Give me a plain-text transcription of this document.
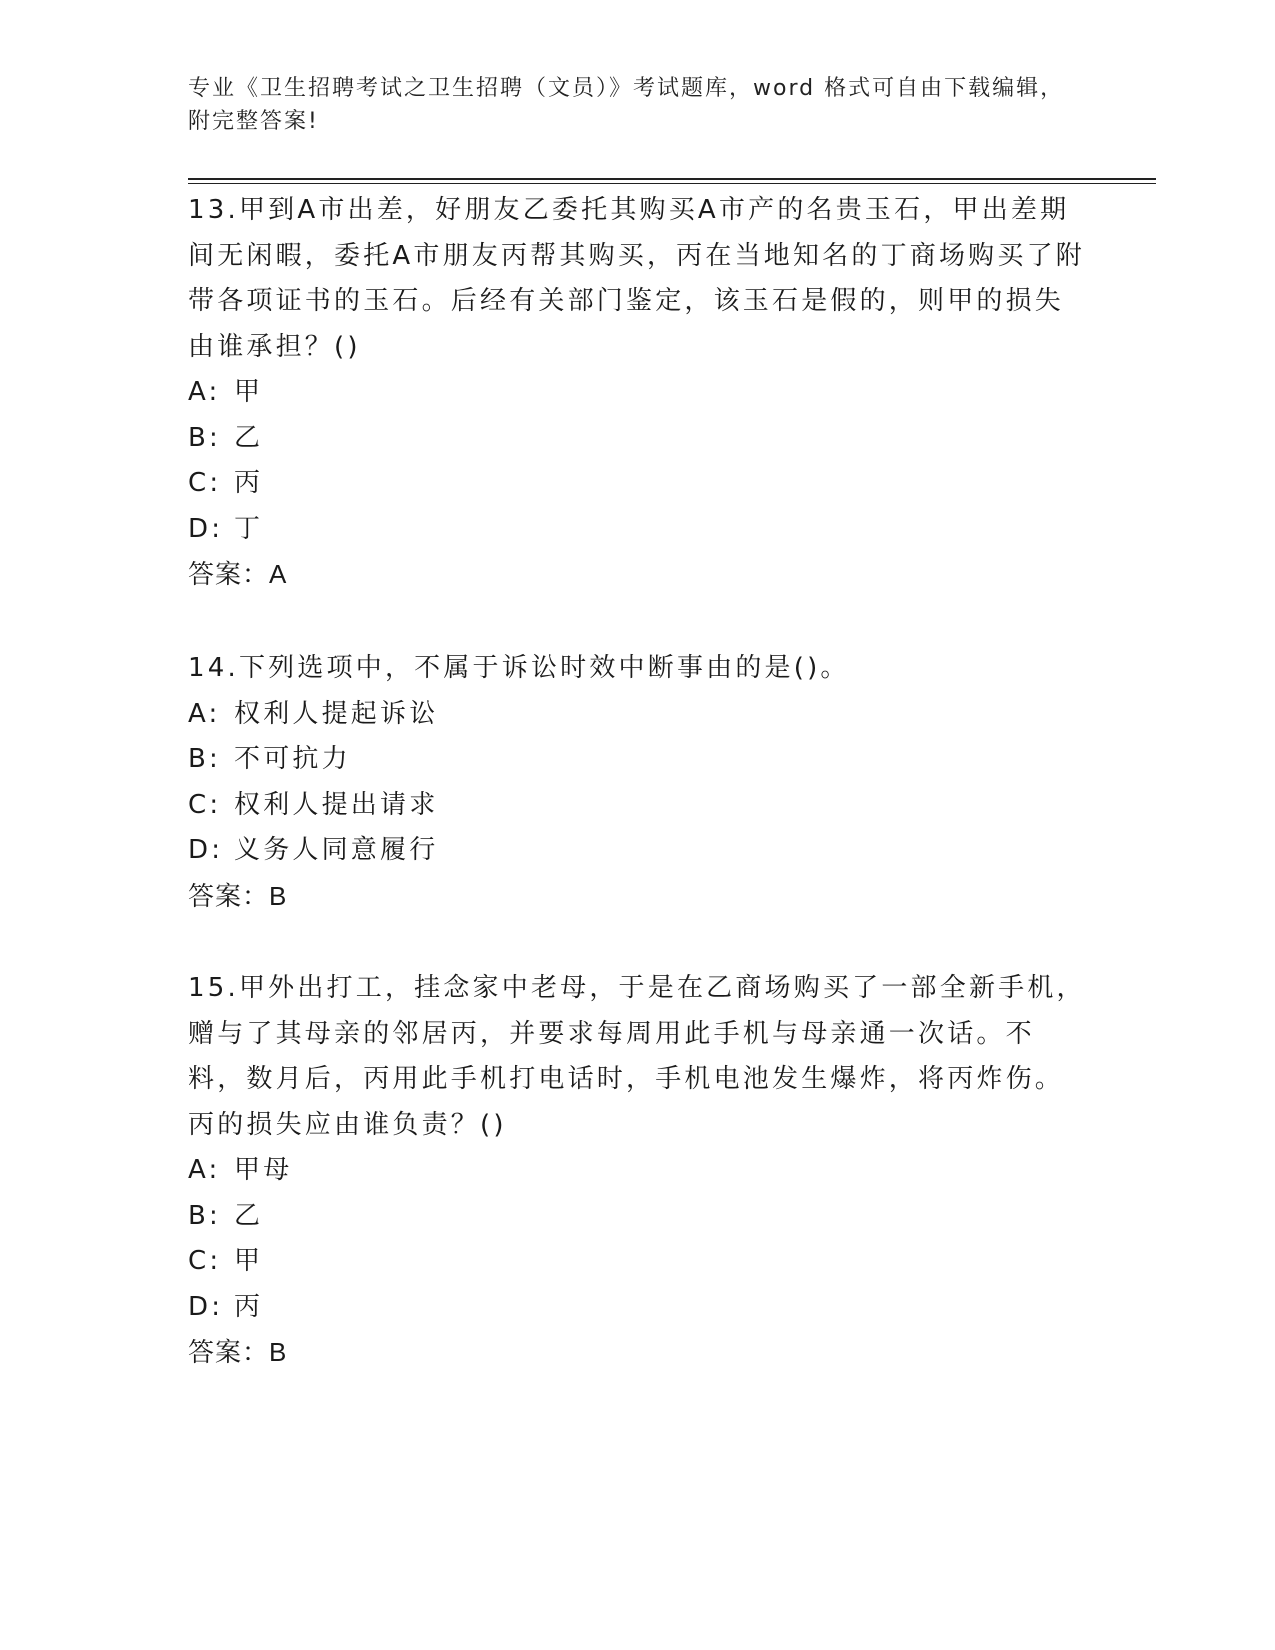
专业《卫生招聘考试之卫生招聘（文员）》考试题库，word 格式可自由下载编辑，附完整答案!

13.甲到A市出差，好朋友乙委托其购买A市产的名贵玉石，甲出差期间无闲暇，委托A市朋友丙帮其购买，丙在当地知名的丁商场购买了附带各项证书的玉石。后经有关部门鉴定，该玉石是假的，则甲的损失由谁承担？()

A: 甲
B: 乙
C: 丙
D: 丁
答案：A

14.下列选项中，不属于诉讼时效中断事由的是()。

A: 权利人提起诉讼
B: 不可抗力
C: 权利人提出请求
D: 义务人同意履行
答案：B

15.甲外出打工，挂念家中老母，于是在乙商场购买了一部全新手机，赠与了其母亲的邻居丙，并要求每周用此手机与母亲通一次话。不料，数月后，丙用此手机打电话时，手机电池发生爆炸，将丙炸伤。丙的损失应由谁负责？()

A: 甲母
B: 乙
C: 甲
D: 丙
答案：B
